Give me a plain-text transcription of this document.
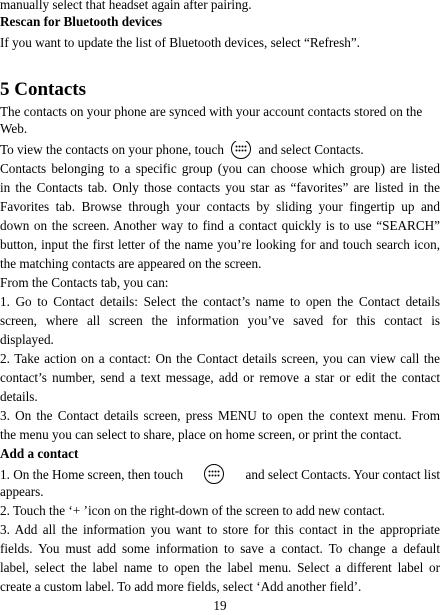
manually select that headset again after pairing.
Rescan for Bluetooth devices
If you want to update the list of Bluetooth devices, select “Refresh”.
5 Contacts
The contacts on your phone are synced with your account contacts stored on the
Web.
To view the contacts on your phone, touch	and select Contacts.
Contacts belonging to a specific group (you can choose which group) are listed
in the Contacts tab. Only those contacts you star as “favorites” are listed in the
Favorites tab. Browse through your contacts by sliding your fingertip up and
down on the screen. Another way to find a contact quickly is to use “SEARCH”
button, input the first letter of the name you’re looking for and touch search icon,
the matching contacts are appeared on the screen.
From the Contacts tab, you can:
1. Go to Contact details: Select the contact’s name to open the Contact details
screen, where all screen the information you’ve saved for this contact is
displayed.
2. Take action on a contact: On the Contact details screen, you can view call the
contact’s number, send a text message, add or remove a star or edit the contact
details.
3. On the Contact details screen, press MENU to open the context menu. From
the menu you can select to share, place on home screen, or print the contact.
Add a contact
1. On the Home screen, then touch	and select Contacts. Your contact list
appears.
2. Touch the ‘+ ’icon on the right-down of the screen to add new contact.
3. Add all the information you want to store for this contact in the appropriate
fields. You must add some information to save a contact. To change a default
label, select the label name to open the label menu. Select a different label or
create a custom label. To add more fields, select ‘Add another field’.
19
